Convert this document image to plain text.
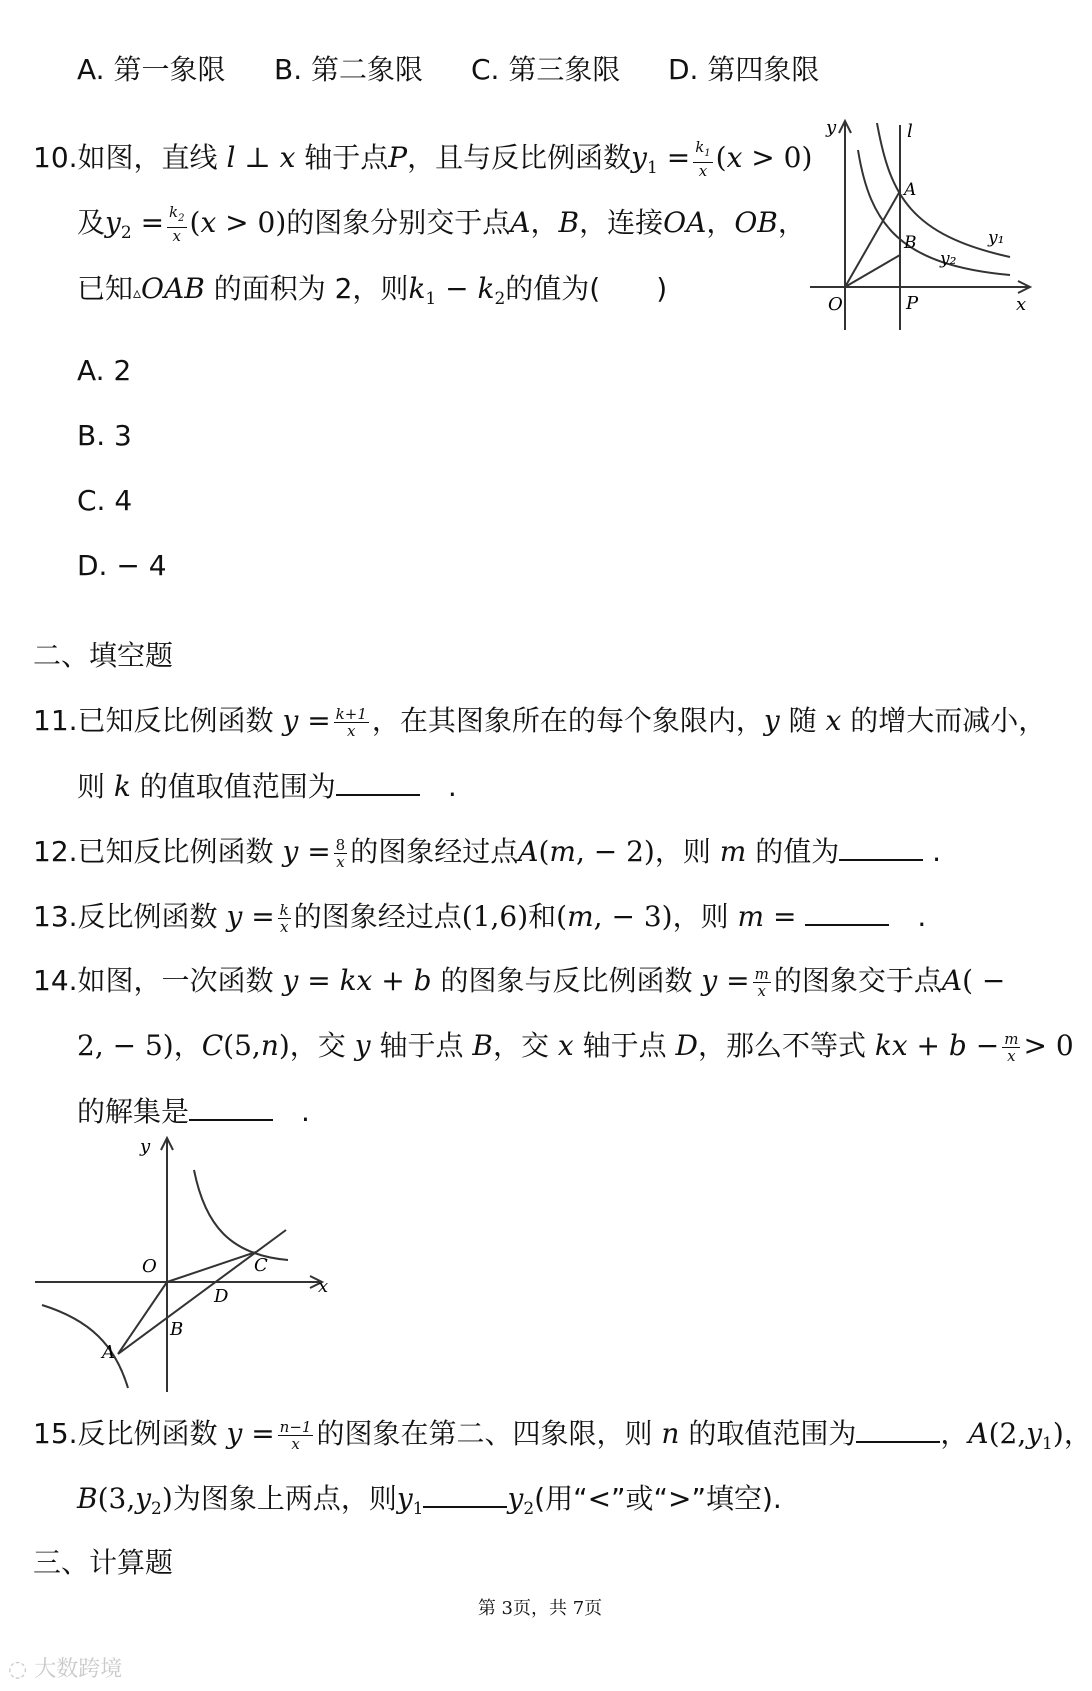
A. 第一象限 B. 第二象限 C. 第三象限 D. 第四象限
10.如图，直线 l ⊥ x 轴于点P，且与反比例函数$y_1 = \frac{k_1}{x} (x > 0)$
及$y_2 = \frac{k_2}{x} (x > 0)$的图象分别交于点A，B，连接OA，OB，
已知▵OAB 的面积为 2，则$k_1 - k_2$的值为(　　)
y	l
A
B	y₁
y₂
O	P	x
A. 2
B. 3
C. 4
D. − 4
二、填空题
11.已知反比例函数 $y = \frac{k+1}{x}$ ，在其图象所在的每个象限内，y 随 x 的增大而减小，
则 k 的值取值范围为	　.
12.已知反比例函数 $y = \frac{8}{x}$ 的图象经过点A(m, − 2)，则 m 的值为	.
13.反比例函数 $y = \frac{k}{x}$ 的图象经过点(1,6)和(m, − 3)，则 m =	　.
14.如图，一次函数 y = kx + b 的图象与反比例函数 $y = \frac{m}{x}$ 的图象交于点A( −
2, − 5)，C(5,n)，交 y 轴于点 B，交 x 轴于点 D，那么不等式 kx + $b - \frac{m}{x} > 0$
的解集是	　.
y
O	C
x
D
B
A
15.反比例函数 $y = \frac{n-1}{x}$ 的图象在第二、四象限，则 n 的取值范围为	，$A(2,y_1)$，
$B(3,y_2)$为图象上两点，则$y_1$	$y_2$(用“<”或“>”填空).
三、计算题
第 3页，共 7页
◌ 大数跨境
